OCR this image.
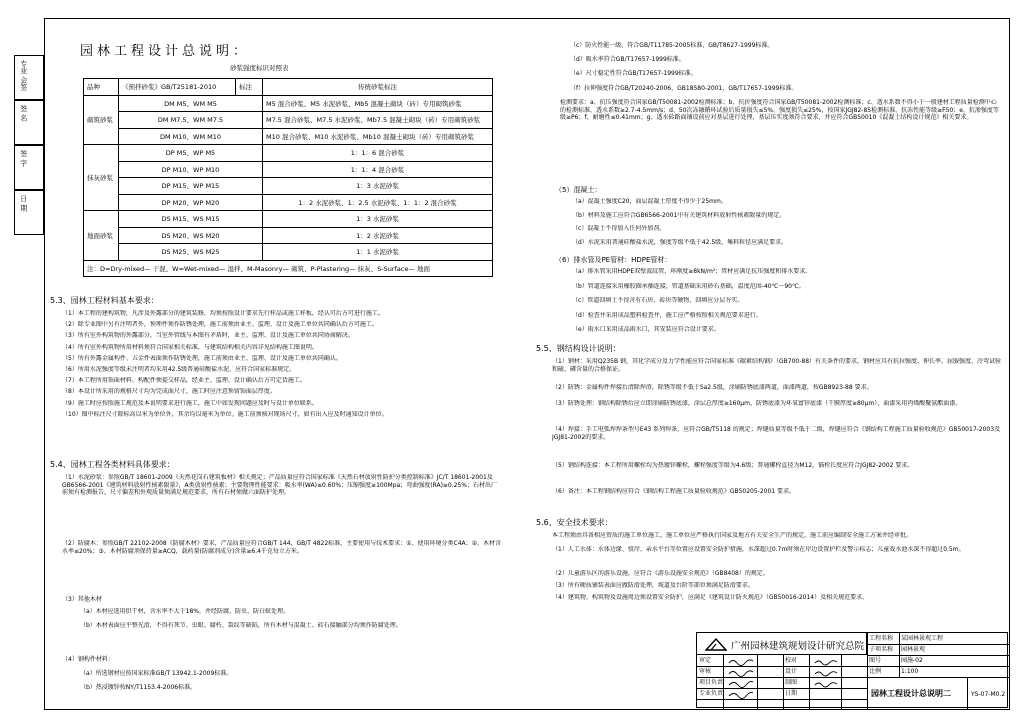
专业 会签
签 名
签 字
日 期
园林工程设计总说明：
砂浆强度标识对照表
品种	《预拌砂浆》GB/T25181-2010	标注	传统砂浆标注
砌筑砂浆	DM M5、WM M5		M5 混合砂浆、M5 水泥砂浆、Mb5 混凝土砌块（砖）专用砌筑砂浆
	DM M7.5、WM M7.5		M7.5 混合砂浆、M7.5 水泥砂浆、Mb7.5 混凝土砌块（砖）专用砌筑砂浆
	DM M10、WM M10		M10 混合砂浆、M10 水泥砂浆、Mb10 混凝土砌块（砖）专用砌筑砂浆
抹灰砂浆	DP M5、WP M5		1：1：6 混合砂浆
	DP M10、WP M10		1：1：4 混合砂浆
	DP M15、WP M15		1：3 水泥砂浆
	DP M20、WP M20		1：2 水泥砂浆、1：2.5 水泥砂浆、1：1：2 混合砂浆
地面砂浆	DS M15、WS M15		1：3 水泥砂浆
	DS M20、WS M20		1：2 水泥砂浆
	DS M25、WS M25		1：1 水泥砂浆
注：D=Dry-mixed— 干混、W=Wet-mixed— 湿拌、M-Masonry— 砌筑、P-Plastering— 抹灰、S-Surface— 地面			
5.3、园林工程材料基本要求：
（1）本工程的建构筑物，凡涉及外露部分的建筑装修，均须按照设计要求先行样品或施工样板，经认可后方可进行施工。
（2）除专业图中另有注明者外，预埋件须作防锈处理，施工前须由业主、监理、设计及施工单位共同确认后方可施工。
（3）所有室外构筑物的外露部分，当室外管线与本图有矛盾时，业主、监理、设计及施工单位共同协商解决。
（4）所有室外构筑物所用材料须符合国家相关标准，与建筑结构相关内容详见结构施工图说明。
（5）所有外露金属构件、五金件表面须作防锈处理，施工前须由业主、监理、设计及施工单位共同确认。
（6）所用水泥强度等级未注明者均采用42.5级普通硅酸盐水泥，应符合国家标准规定。
（7）本工程所用饰面材料、构配件须提交样品，经业主、监理、设计确认后方可定货施工。
（8）本设计所采用的规格尺寸均为完成面尺寸，施工时应注意预留饰面层厚度。
（9）施工时应按照施工规范及本说明要求进行施工，施工中如发现问题应及时与设计单位联系。
（10）图中标注尺寸除标高以米为单位外，其余均以毫米为单位。施工前须核对现场尺寸，如有出入应及时通知设计单位。
5.4、园林工程各类材料具体要求：
（1）水泥砂浆：参照GB/T 18601-2009《天然花岗石建筑板材》相关规定；产品质量应符合国家标准《天然石材放射性防护分类控制标准》JC/T 18601-2001及GB6566-2001《建筑材料放射性核素限量》，A类放射性核素；主要物理性能要求：吸水率(WA)≤0.60%；压缩强度≥100Mpa；弯曲强度(RA)≥0.25%；石材出厂前须有检测报告，尺寸偏差和外观质量须满足规范要求，所有石材须做六面防护处理。
（2）防腐木：参照GB/T 22102-2008《防腐木材》要求，产品质量应符合GB/T 144，GB/T 4822标准，主要使用与技术要求：①、使用环境分类C4A；②、木材含水率≤20%；③、木材防腐剂保持量≥ACQ，载药量(防腐剂成分)含量≥6.4千克每立方米。
（3）其他木材
（a）木材应选用烘干材，含水率不大于18%，并经防腐、防虫、防白蚁处理。
（b）木材表面应平整光滑，不得有死节、虫眼、腐朽、裂纹等缺陷，所有木材与混凝土、砖石接触部分均须作防腐处理。
（4）钢构件材料：
（a）所选钢材应按国家标准GB/T 13942.1-2009标准。
（b）热浸镀锌按NY/T1153.4-2006标准。
（c）防火性能一级，符合GB/T11785-2005标准，GB/T8627-1999标准。
（d）吸水率符合GB/T17657-1999标准。
（e）尺寸稳定性符合GB/T17657-1999标准。
（f）拉伸强度符合GB/T20240-2006，GB18580-2001，GB/T17657-1999标准。
检测要求：a、抗压强度符合国家GB/T50081-2002检测标准；b、抗折强度符合国家GB/T50081-2002检测标准；c、透水系数不得小于一般建材工程质量检测中心的检测标准，透水系数≥2.7-4.5mm/s；d、50次冻融循环试验后质量损失≤5%，强度损失≤25%，按国家JGJ82-85检测标准，抗冻性能等级≥F50；e、抗渗强度等级≥P6；f、耐磨性≤0.41mm；g、透水砖路面铺设前应对基层进行处理，基层压实度须符合要求，并应符合GB50010《混凝土结构设计规范》相关要求。
（5）混凝土：
（a）混凝土强度C20，面层混凝土厚度不得少于25mm。
（b）材料及施工应符合GB6566-2001中有关建筑材料放射性核素限量的规定。
（c）混凝土不得加入任何外加剂。
（d）水泥采用普通硅酸盐水泥，强度等级不低于42.5级，集料粒径应满足要求。
（6）排水管及PE管材：HDPE管材：
（a）排水管采用HDPE双壁波纹管，环刚度≥8kN/m²；管材应满足抗压强度和排水要求。
（b）管道连接采用橡胶圈承插连接，管道基础采用砂石基础，温度范围-40℃～90℃。
（c）管道回填土不得含有石块、砖块等硬物，回填应分层夯实。
（d）检查井采用成品塑料检查井，施工应严格按照相关规范要求进行。
（e）雨水口采用成品雨水口，其安装应符合设计要求。
5.5、钢结构设计说明：
（1）钢材：采用Q235B 钢，其化学成分及力学性能应符合国家标准《碳素结构钢》（GB700-88）有关条件的要求，钢材应具有抗拉强度、伸长率、屈服强度、冷弯试验和硫、磷含量的合格保证。
（2）防锈：金属构件焊接后清除焊渣，除锈等级不低于Sa2.5级，涂刷防锈底漆两道，面漆两道，按GB8923-88 要求。
（3）防锈处理：钢结构除锈后应立即涂刷防锈底漆，涂层总厚度≥160μm，防锈底漆为环氧富锌底漆（干膜厚度≥80μm），面漆采用丙烯酸聚氨酯面漆。
（4）焊接：手工电弧焊焊条型号E43 系列焊条，应符合GB/T5118 的规定；焊缝质量等级不低于二级，焊缝应符合《钢结构工程施工质量验收规范》GB50017-2003及JGJ81-2002的要求。
（5）钢结构连接：本工程所用螺栓均为热镀锌螺栓，螺栓强度等级为4.6级；普通螺栓直径为M12，锚栓长度应符合JGJ82-2002 要求。
（6）备注：本工程钢结构应符合《钢结构工程施工质量验收规范》GB50205-2001 要求。
5.6、安全技术要求：
本工程须由具备相应资质的施工单位施工，施工单位应严格执行国家及地方有关安全生产的规定，施工前应编制安全施工方案并经审批。
（1）人工水体：水体边缘、驳岸、亲水平台等位置应设置安全防护措施，水深超过0.7m时须在岸边设置护栏及警示标志；儿童戏水池水深不得超过0.5m。
（2）儿童游乐区的游乐设施，应符合《游乐设施安全规范》（GB8408）的规定。
（3）所有硬质铺装表面应做防滑处理，坡道及台阶等部位须满足防滑要求。
（4）建筑物、构筑物及设施周边须设置安全防护，应满足《建筑设计防火规范》（GB50016-2014）及相关规范要求。
广州园林建筑规划设计研究总院
审定	校对
审核	设计
项目负责	制图
专业负责	日期
工程名称 某园林景观工程
子项名称 园林景观
图号	园施-02
比例	1:100
园林工程设计总说明二	YS-07-M0.2
